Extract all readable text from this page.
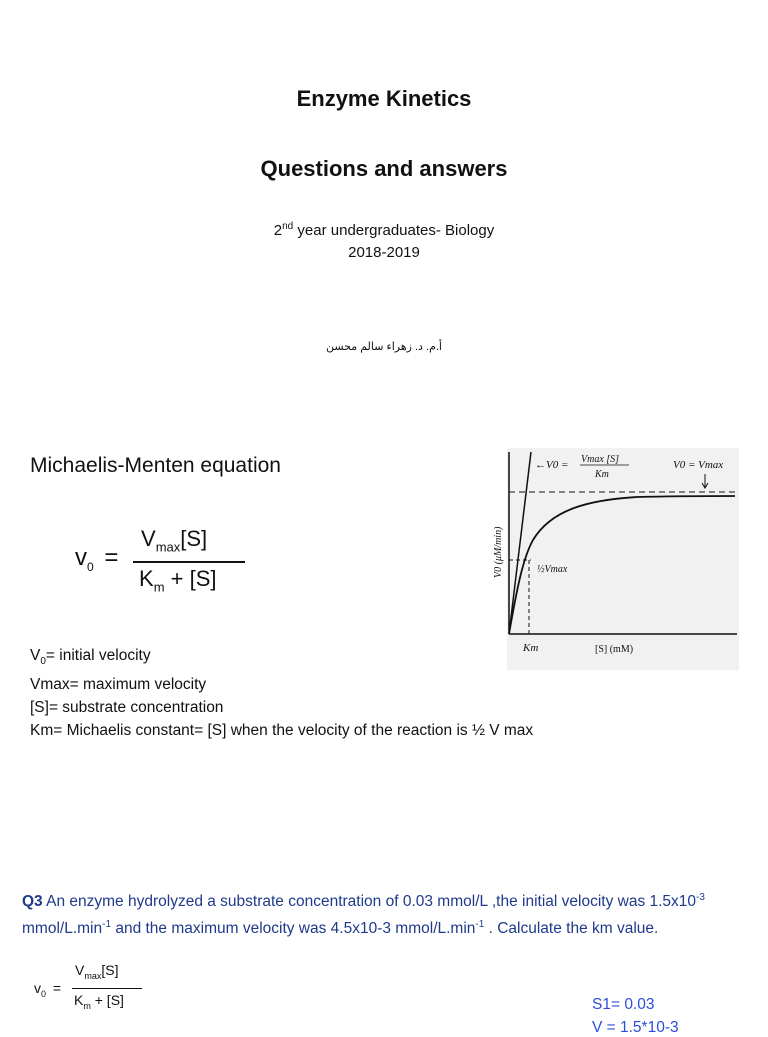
Enzyme Kinetics
Questions and answers
2nd year undergraduates- Biology
2018-2019
أ.م. د. زهراء سالم محسن
Michaelis-Menten equation
$v_0$ =
$V_{max}[S]$
$K_m + [S]$
←V0 = Vmax [S]
Km
V0 = Vmax
½Vmax
Km	[S] (mM)
V0 (μM/min)
$V_0=$ initial velocity
Vmax= maximum velocity
[S]= substrate concentration
Km= Michaelis constant= [S] when the velocity of the reaction is ½ V max
Q3 An enzyme hydrolyzed a substrate concentration of 0.03 mmol/L ,the initial velocity was $1.5x10^{-3}$ mmol/$L.\min^{-1}$ and the maximum velocity was 4.5x10-3 mmol/$L.\min^{-1}$ . Calculate the km value.
$v_0$ =
$V_{max}[S]$
$K_m + [S]$	S1= 0.03
V = 1.5*10-3
